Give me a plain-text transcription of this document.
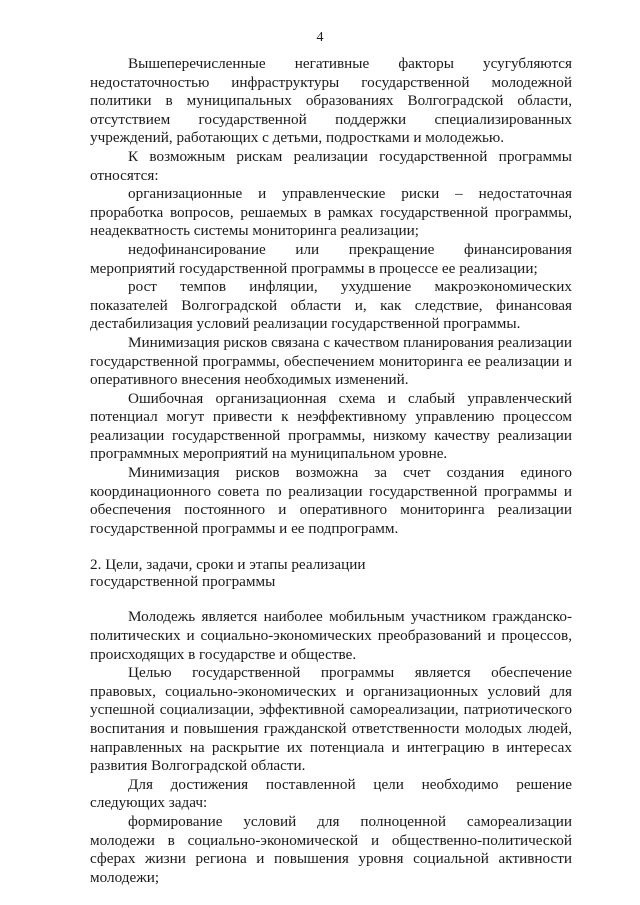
4

Вышеперечисленные негативные факторы усугубляются недостаточностью инфраструктуры государственной молодежной политики в муниципальных образованиях Волгоградской области, отсутствием государственной поддержки специализированных учреждений, работающих с детьми, подростками и молодежью.

К возможным рискам реализации государственной программы относятся:

организационные и управленческие риски – недостаточная проработка вопросов, решаемых в рамках государственной программы, неадекватность системы мониторинга реализации;

недофинансирование или прекращение финансирования мероприятий государственной программы в процессе ее реализации;

рост темпов инфляции, ухудшение макроэкономических показателей Волгоградской области и, как следствие, финансовая дестабилизация условий реализации государственной программы.

Минимизация рисков связана с качеством планирования реализации государственной программы, обеспечением мониторинга ее реализации и оперативного внесения необходимых изменений.

Ошибочная организационная схема и слабый управленческий потенциал могут привести к неэффективному управлению процессом реализации государственной программы, низкому качеству реализации программных мероприятий на муниципальном уровне.

Минимизация рисков возможна за счет создания единого координационного совета по реализации государственной программы и обеспечения постоянного и оперативного мониторинга реализации государственной программы и ее подпрограмм.

2. Цели, задачи, сроки и этапы реализации
государственной программы

Молодежь является наиболее мобильным участником гражданско-политических и социально-экономических преобразований и процессов, происходящих в государстве и обществе.

Целью государственной программы является обеспечение правовых, социально-экономических и организационных условий для успешной социализации, эффективной самореализации, патриотического воспитания и повышения гражданской ответственности молодых людей, направленных на раскрытие их потенциала и интеграцию в интересах развития Волгоградской области.

Для достижения поставленной цели необходимо решение следующих задач:

формирование условий для полноценной самореализации молодежи в социально-экономической и общественно-политической сферах жизни региона и повышения уровня социальной активности молодежи;
